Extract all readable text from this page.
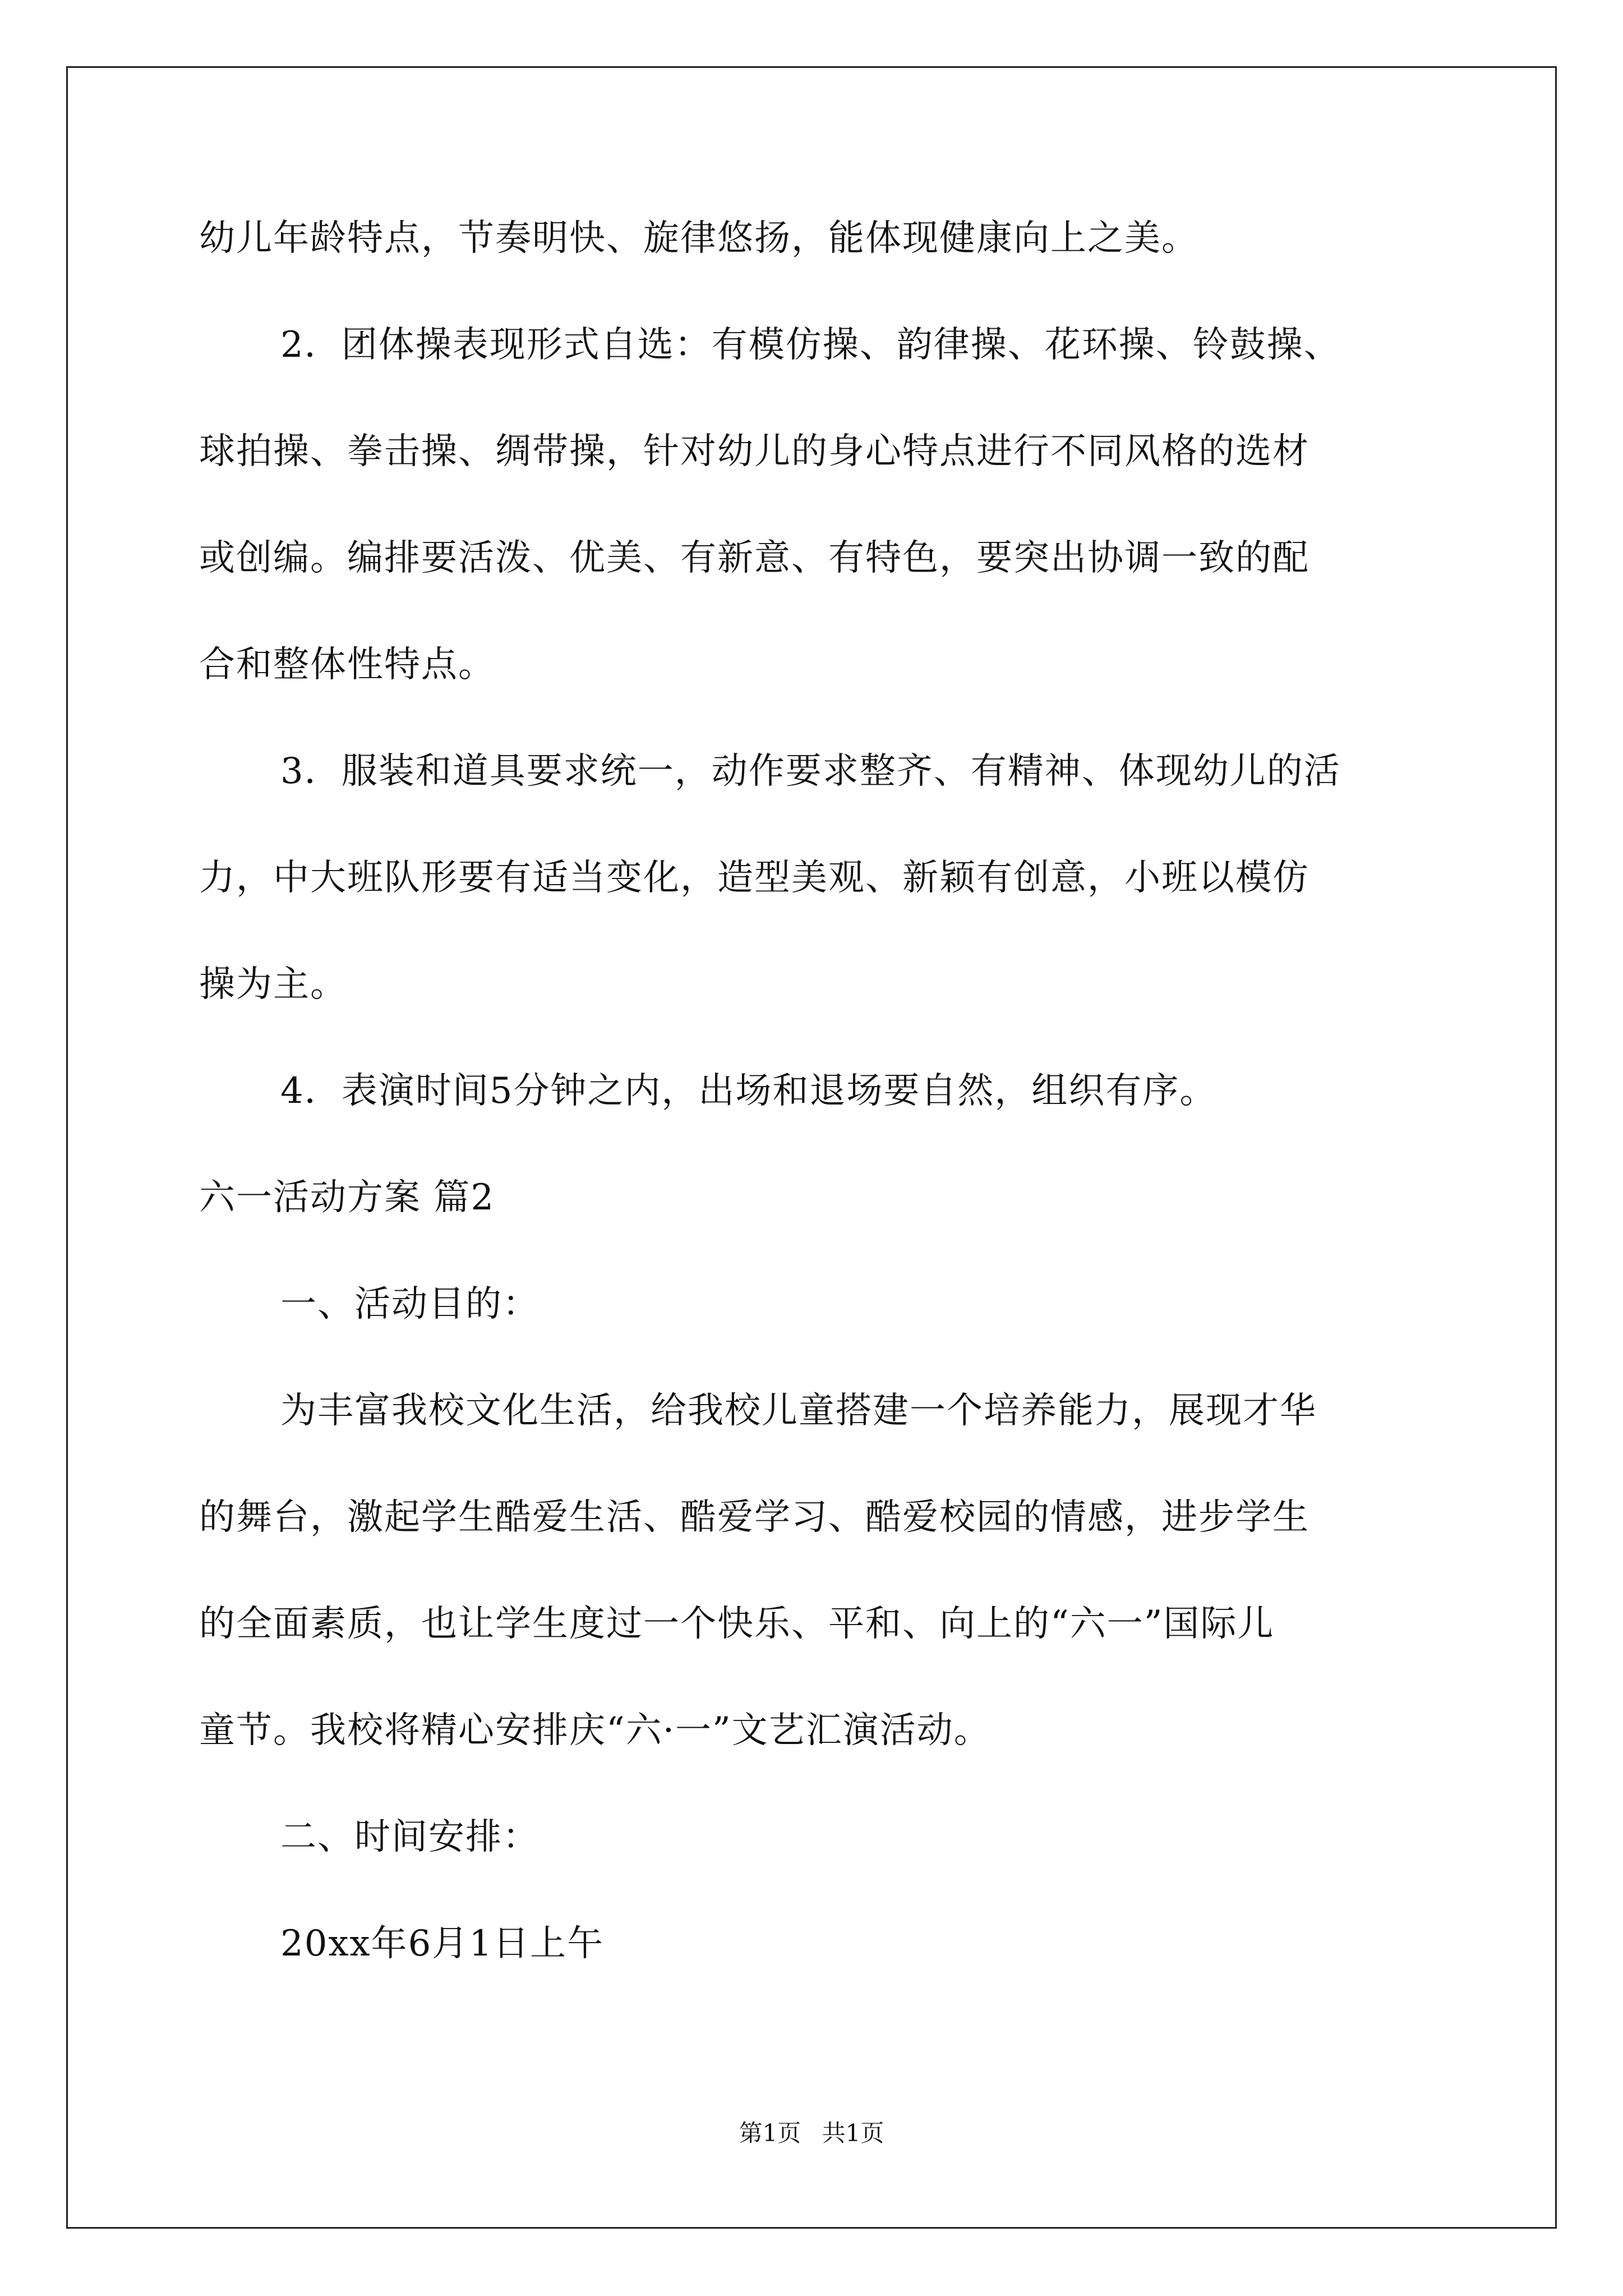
幼儿年龄特点，节奏明快、旋律悠扬，能体现健康向上之美。
2．团体操表现形式自选：有模仿操、韵律操、花环操、铃鼓操、
球拍操、拳击操、绸带操，针对幼儿的身心特点进行不同风格的选材
或创编。编排要活泼、优美、有新意、有特色，要突出协调一致的配
合和整体性特点。
3．服装和道具要求统一，动作要求整齐、有精神、体现幼儿的活
力，中大班队形要有适当变化，造型美观、新颖有创意，小班以模仿
操为主。
4．表演时间5分钟之内，出场和退场要自然，组织有序。
六一活动方案 篇2
一、活动目的：
为丰富我校文化生活，给我校儿童搭建一个培养能力，展现才华
的舞台，激起学生酷爱生活、酷爱学习、酷爱校园的情感，进步学生
的全面素质，也让学生度过一个快乐、平和、向上的“六一”国际儿
童节。我校将精心安排庆“六·一”文艺汇演活动。
二、时间安排：
20xx年6月1日上午
第1页 共1页
